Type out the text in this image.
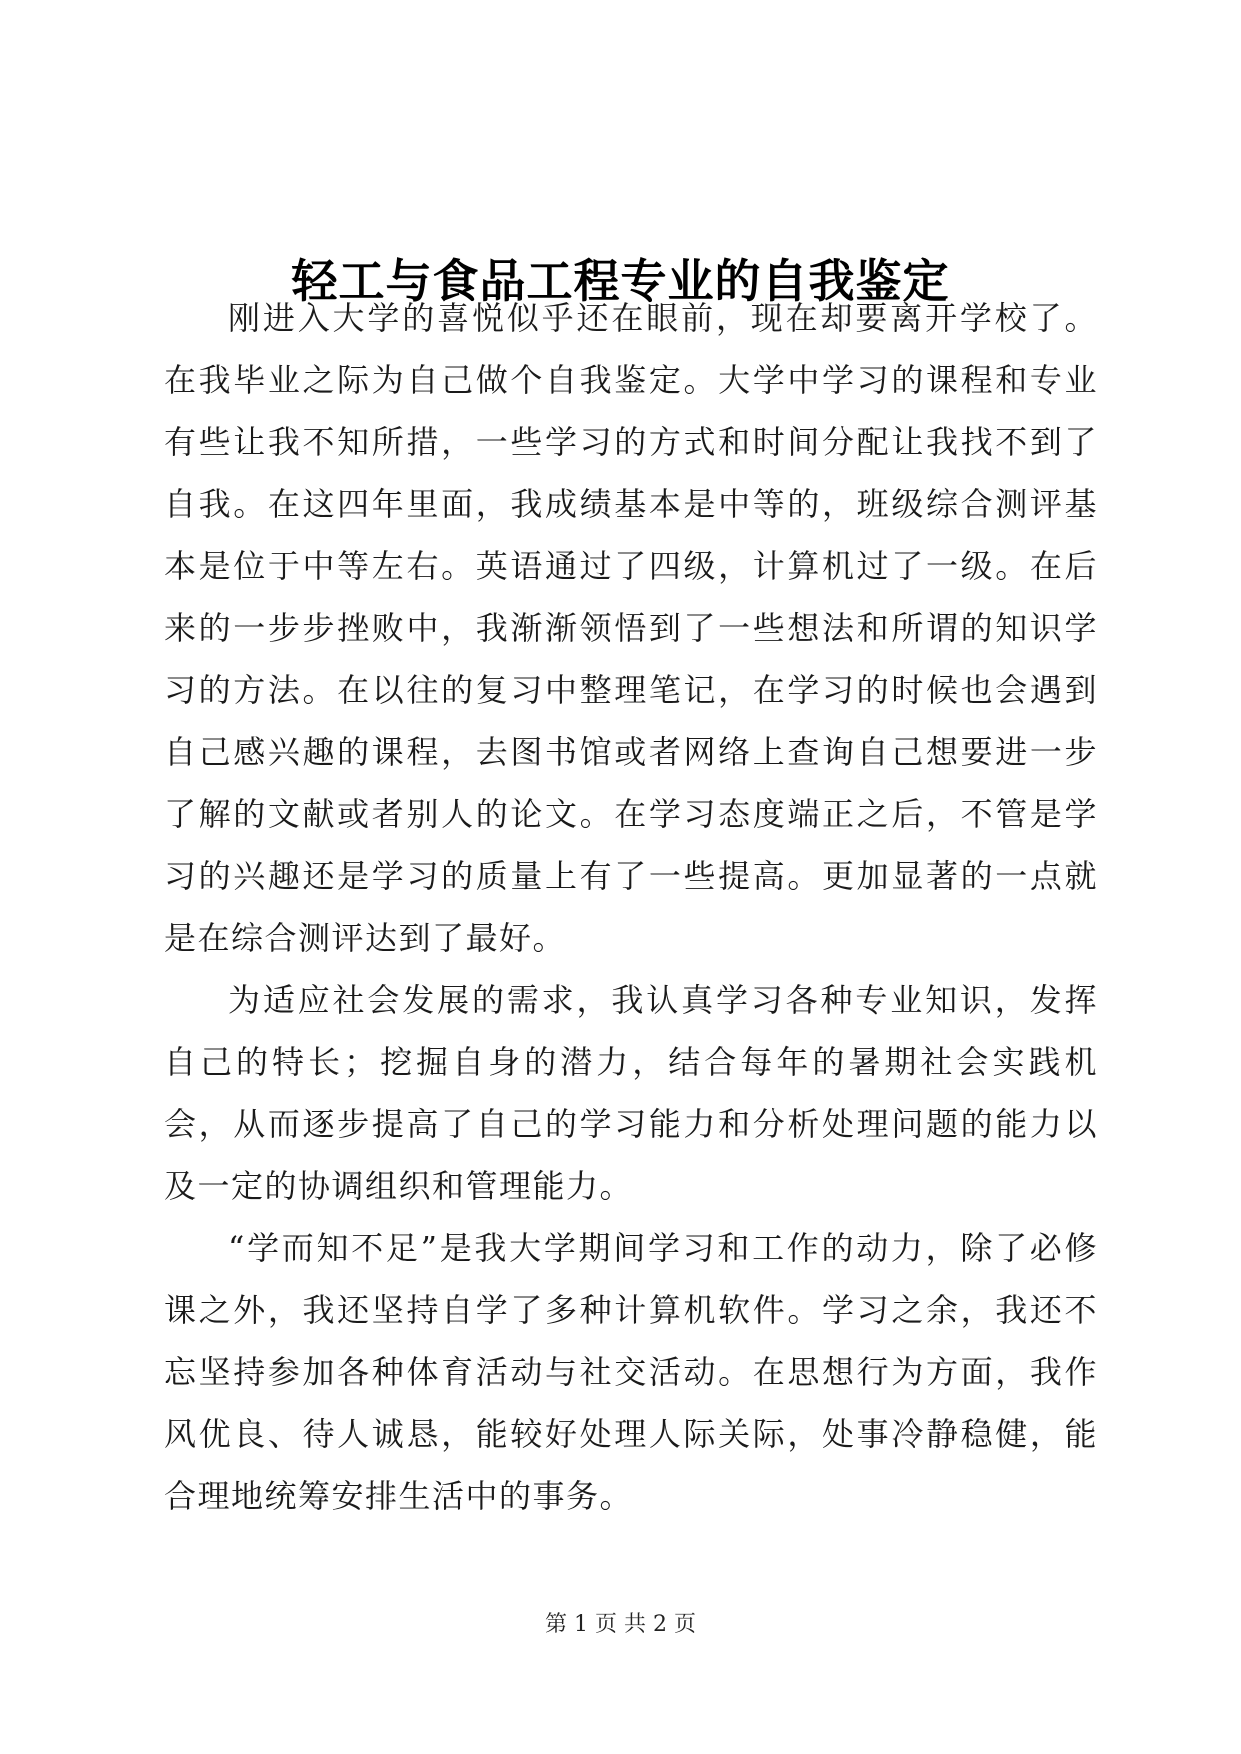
轻工与食品工程专业的自我鉴定

刚进入大学的喜悦似乎还在眼前，现在却要离开学校了。在我毕业之际为自己做个自我鉴定。大学中学习的课程和专业有些让我不知所措，一些学习的方式和时间分配让我找不到了自我。在这四年里面，我成绩基本是中等的，班级综合测评基本是位于中等左右。英语通过了四级，计算机过了一级。在后来的一步步挫败中，我渐渐领悟到了一些想法和所谓的知识学习的方法。在以往的复习中整理笔记，在学习的时候也会遇到自己感兴趣的课程，去图书馆或者网络上查询自己想要进一步了解的文献或者别人的论文。在学习态度端正之后，不管是学习的兴趣还是学习的质量上有了一些提高。更加显著的一点就是在综合测评达到了最好。

为适应社会发展的需求，我认真学习各种专业知识，发挥自己的特长；挖掘自身的潜力，结合每年的暑期社会实践机会，从而逐步提高了自己的学习能力和分析处理问题的能力以及一定的协调组织和管理能力。

“学而知不足”是我大学期间学习和工作的动力，除了必修课之外，我还坚持自学了多种计算机软件。学习之余，我还不忘坚持参加各种体育活动与社交活动。在思想行为方面，我作风优良、待人诚恳，能较好处理人际关际，处事冷静稳健，能合理地统筹安排生活中的事务。

第 1 页 共 2 页
